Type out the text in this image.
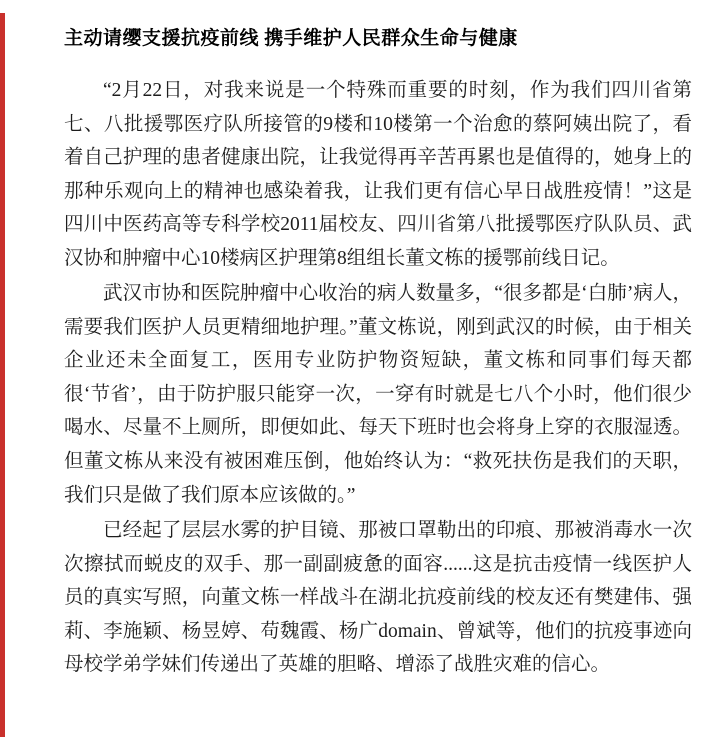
主动请缨支援抗疫前线 携手维护人民群众生命与健康

“2月22日，对我来说是一个特殊而重要的时刻，作为我们四川省第七、八批援鄂医疗队所接管的9楼和10楼第一个治愈的蔡阿姨出院了，看着自己护理的患者健康出院，让我觉得再辛苦再累也是值得的，她身上的那种乐观向上的精神也感染着我，让我们更有信心早日战胜疫情！”这是四川中医药高等专科学校2011届校友、四川省第八批援鄂医疗队队员、武汉协和肿瘤中心10楼病区护理第8组组长董文栋的援鄂前线日记。

武汉市协和医院肿瘤中心收治的病人数量多，“很多都是‘白肺’病人，需要我们医护人员更精细地护理。”董文栋说，刚到武汉的时候，由于相关企业还未全面复工，医用专业防护物资短缺，董文栋和同事们每天都很‘节省’，由于防护服只能穿一次，一穿有时就是七八个小时，他们很少喝水、尽量不上厕所，即便如此、每天下班时也会将身上穿的衣服湿透。但董文栋从来没有被困难压倒，他始终认为：“救死扶伤是我们的天职，我们只是做了我们原本应该做的。”

已经起了层层水雾的护目镜、那被口罩勒出的印痕、那被消毒水一次次擦拭而蜕皮的双手、那一副副疲惫的面容......这是抗击疫情一线医护人员的真实写照，向董文栋一样战斗在湖北抗疫前线的校友还有樊建伟、强莉、李施颖、杨昱婷、苟魏霞、杨广domain、曾斌等，他们的抗疫事迹向母校学弟学妹们传递出了英雄的胆略、增添了战胜灾难的信心。
